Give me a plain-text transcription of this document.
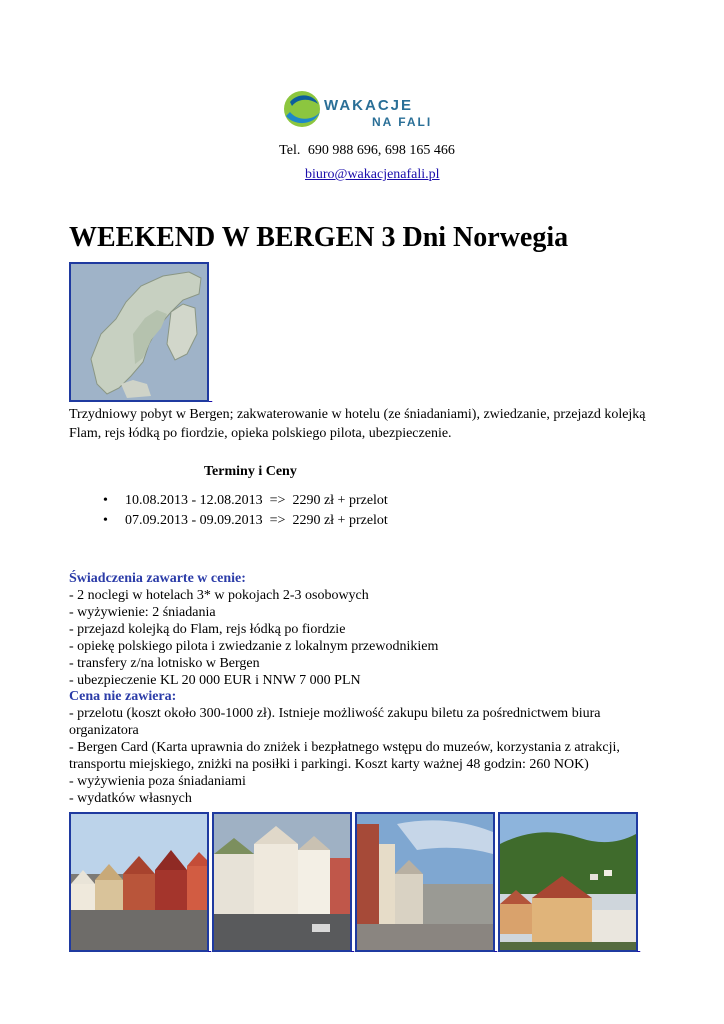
WAKACJE
NA FALI
Tel. 690 988 696, 698 165 466
biuro@wakacjenafali.pl
WEEKEND W BERGEN 3 Dni Norwegia

Trzydniowy pobyt w Bergen; zakwaterowanie w hotelu (ze śniadaniami), zwiedzanie, przejazd kolejką Flam, rejs łódką po fiordzie, opieka polskiego pilota, ubezpieczenie.

Terminy i Ceny

• 10.08.2013 - 12.08.2013  =>  2290 zł + przelot
• 07.09.2013 - 09.09.2013  =>  2290 zł + przelot

Świadczenia zawarte w cenie:

- 2 noclegi w hotelach 3* w pokojach 2-3 osobowych

- wyżywienie: 2 śniadania

- przejazd kolejką do Flam, rejs łódką po fiordzie

- opiekę polskiego pilota i zwiedzanie z lokalnym przewodnikiem

- transfery z/na lotnisko w Bergen

- ubezpieczenie KL 20 000 EUR i NNW 7 000 PLN

Cena nie zawiera:

- przelotu (koszt około 300-1000 zł). Istnieje możliwość zakupu biletu za pośrednictwem biura organizatora

- Bergen Card (Karta uprawnia do zniżek i bezpłatnego wstępu do muzeów, korzystania z atrakcji, transportu miejskiego, zniżki na posiłki i parkingi. Koszt karty ważnej 48 godzin: 260 NOK)

- wyżywienia poza śniadaniami

- wydatków własnych
